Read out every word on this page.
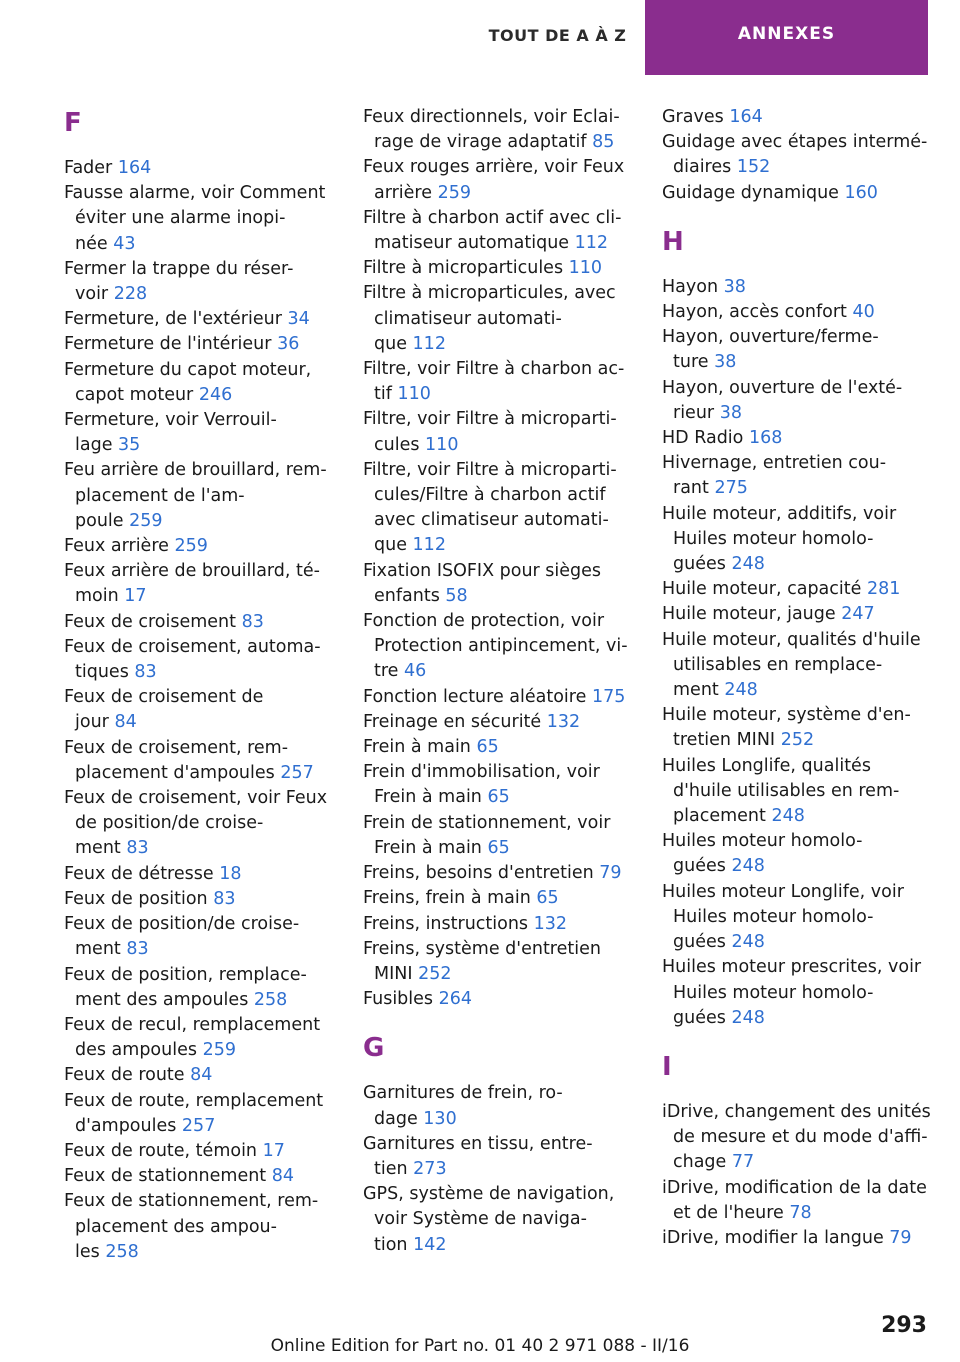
TOUT DE A À Z	ANNEXES
F
Fader 164
Fausse alarme, voir Comment
éviter une alarme inopi-
née 43
Fermer la trappe du réser-
voir 228
Fermeture, de l'extérieur 34
Fermeture de l'intérieur 36
Fermeture du capot moteur,
capot moteur 246
Fermeture, voir Verrouil-
lage 35
Feu arrière de brouillard, rem-
placement de l'am-
poule 259
Feux arrière 259
Feux arrière de brouillard, té-
moin 17
Feux de croisement 83
Feux de croisement, automa-
tiques 83
Feux de croisement de
jour 84
Feux de croisement, rem-
placement d'ampoules 257
Feux de croisement, voir Feux
de position/de croise-
ment 83
Feux de détresse 18
Feux de position 83
Feux de position/de croise-
ment 83
Feux de position, remplace-
ment des ampoules 258
Feux de recul, remplacement
des ampoules 259
Feux de route 84
Feux de route, remplacement
d'ampoules 257
Feux de route, témoin 17
Feux de stationnement 84
Feux de stationnement, rem-
placement des ampou-
les 258
Feux directionnels, voir Eclai-
rage de virage adaptatif 85
Feux rouges arrière, voir Feux
arrière 259
Filtre à charbon actif avec cli-
matiseur automatique 112
Filtre à microparticules 110
Filtre à microparticules, avec
climatiseur automati-
que 112
Filtre, voir Filtre à charbon ac-
tif 110
Filtre, voir Filtre à microparti-
cules 110
Filtre, voir Filtre à microparti-
cules/Filtre à charbon actif
avec climatiseur automati-
que 112
Fixation ISOFIX pour sièges
enfants 58
Fonction de protection, voir
Protection antipincement, vi-
tre 46
Fonction lecture aléatoire 175
Freinage en sécurité 132
Frein à main 65
Frein d'immobilisation, voir
Frein à main 65
Frein de stationnement, voir
Frein à main 65
Freins, besoins d'entretien 79
Freins, frein à main 65
Freins, instructions 132
Freins, système d'entretien
MINI 252
Fusibles 264
G
Garnitures de frein, ro-
dage 130
Garnitures en tissu, entre-
tien 273
GPS, système de navigation,
voir Système de naviga-
tion 142
Graves 164
Guidage avec étapes intermé-
diaires 152
Guidage dynamique 160
H
Hayon 38
Hayon, accès confort 40
Hayon, ouverture/ferme-
ture 38
Hayon, ouverture de l'exté-
rieur 38
HD Radio 168
Hivernage, entretien cou-
rant 275
Huile moteur, additifs, voir
Huiles moteur homolo-
guées 248
Huile moteur, capacité 281
Huile moteur, jauge 247
Huile moteur, qualités d'huile
utilisables en remplace-
ment 248
Huile moteur, système d'en-
tretien MINI 252
Huiles Longlife, qualités
d'huile utilisables en rem-
placement 248
Huiles moteur homolo-
guées 248
Huiles moteur Longlife, voir
Huiles moteur homolo-
guées 248
Huiles moteur prescrites, voir
Huiles moteur homolo-
guées 248
I
iDrive, changement des unités
de mesure et du mode d'affi-
chage 77
iDrive, modification de la date
et de l'heure 78
iDrive, modifier la langue 79
293
Online Edition for Part no. 01 40 2 971 088 - II/16
